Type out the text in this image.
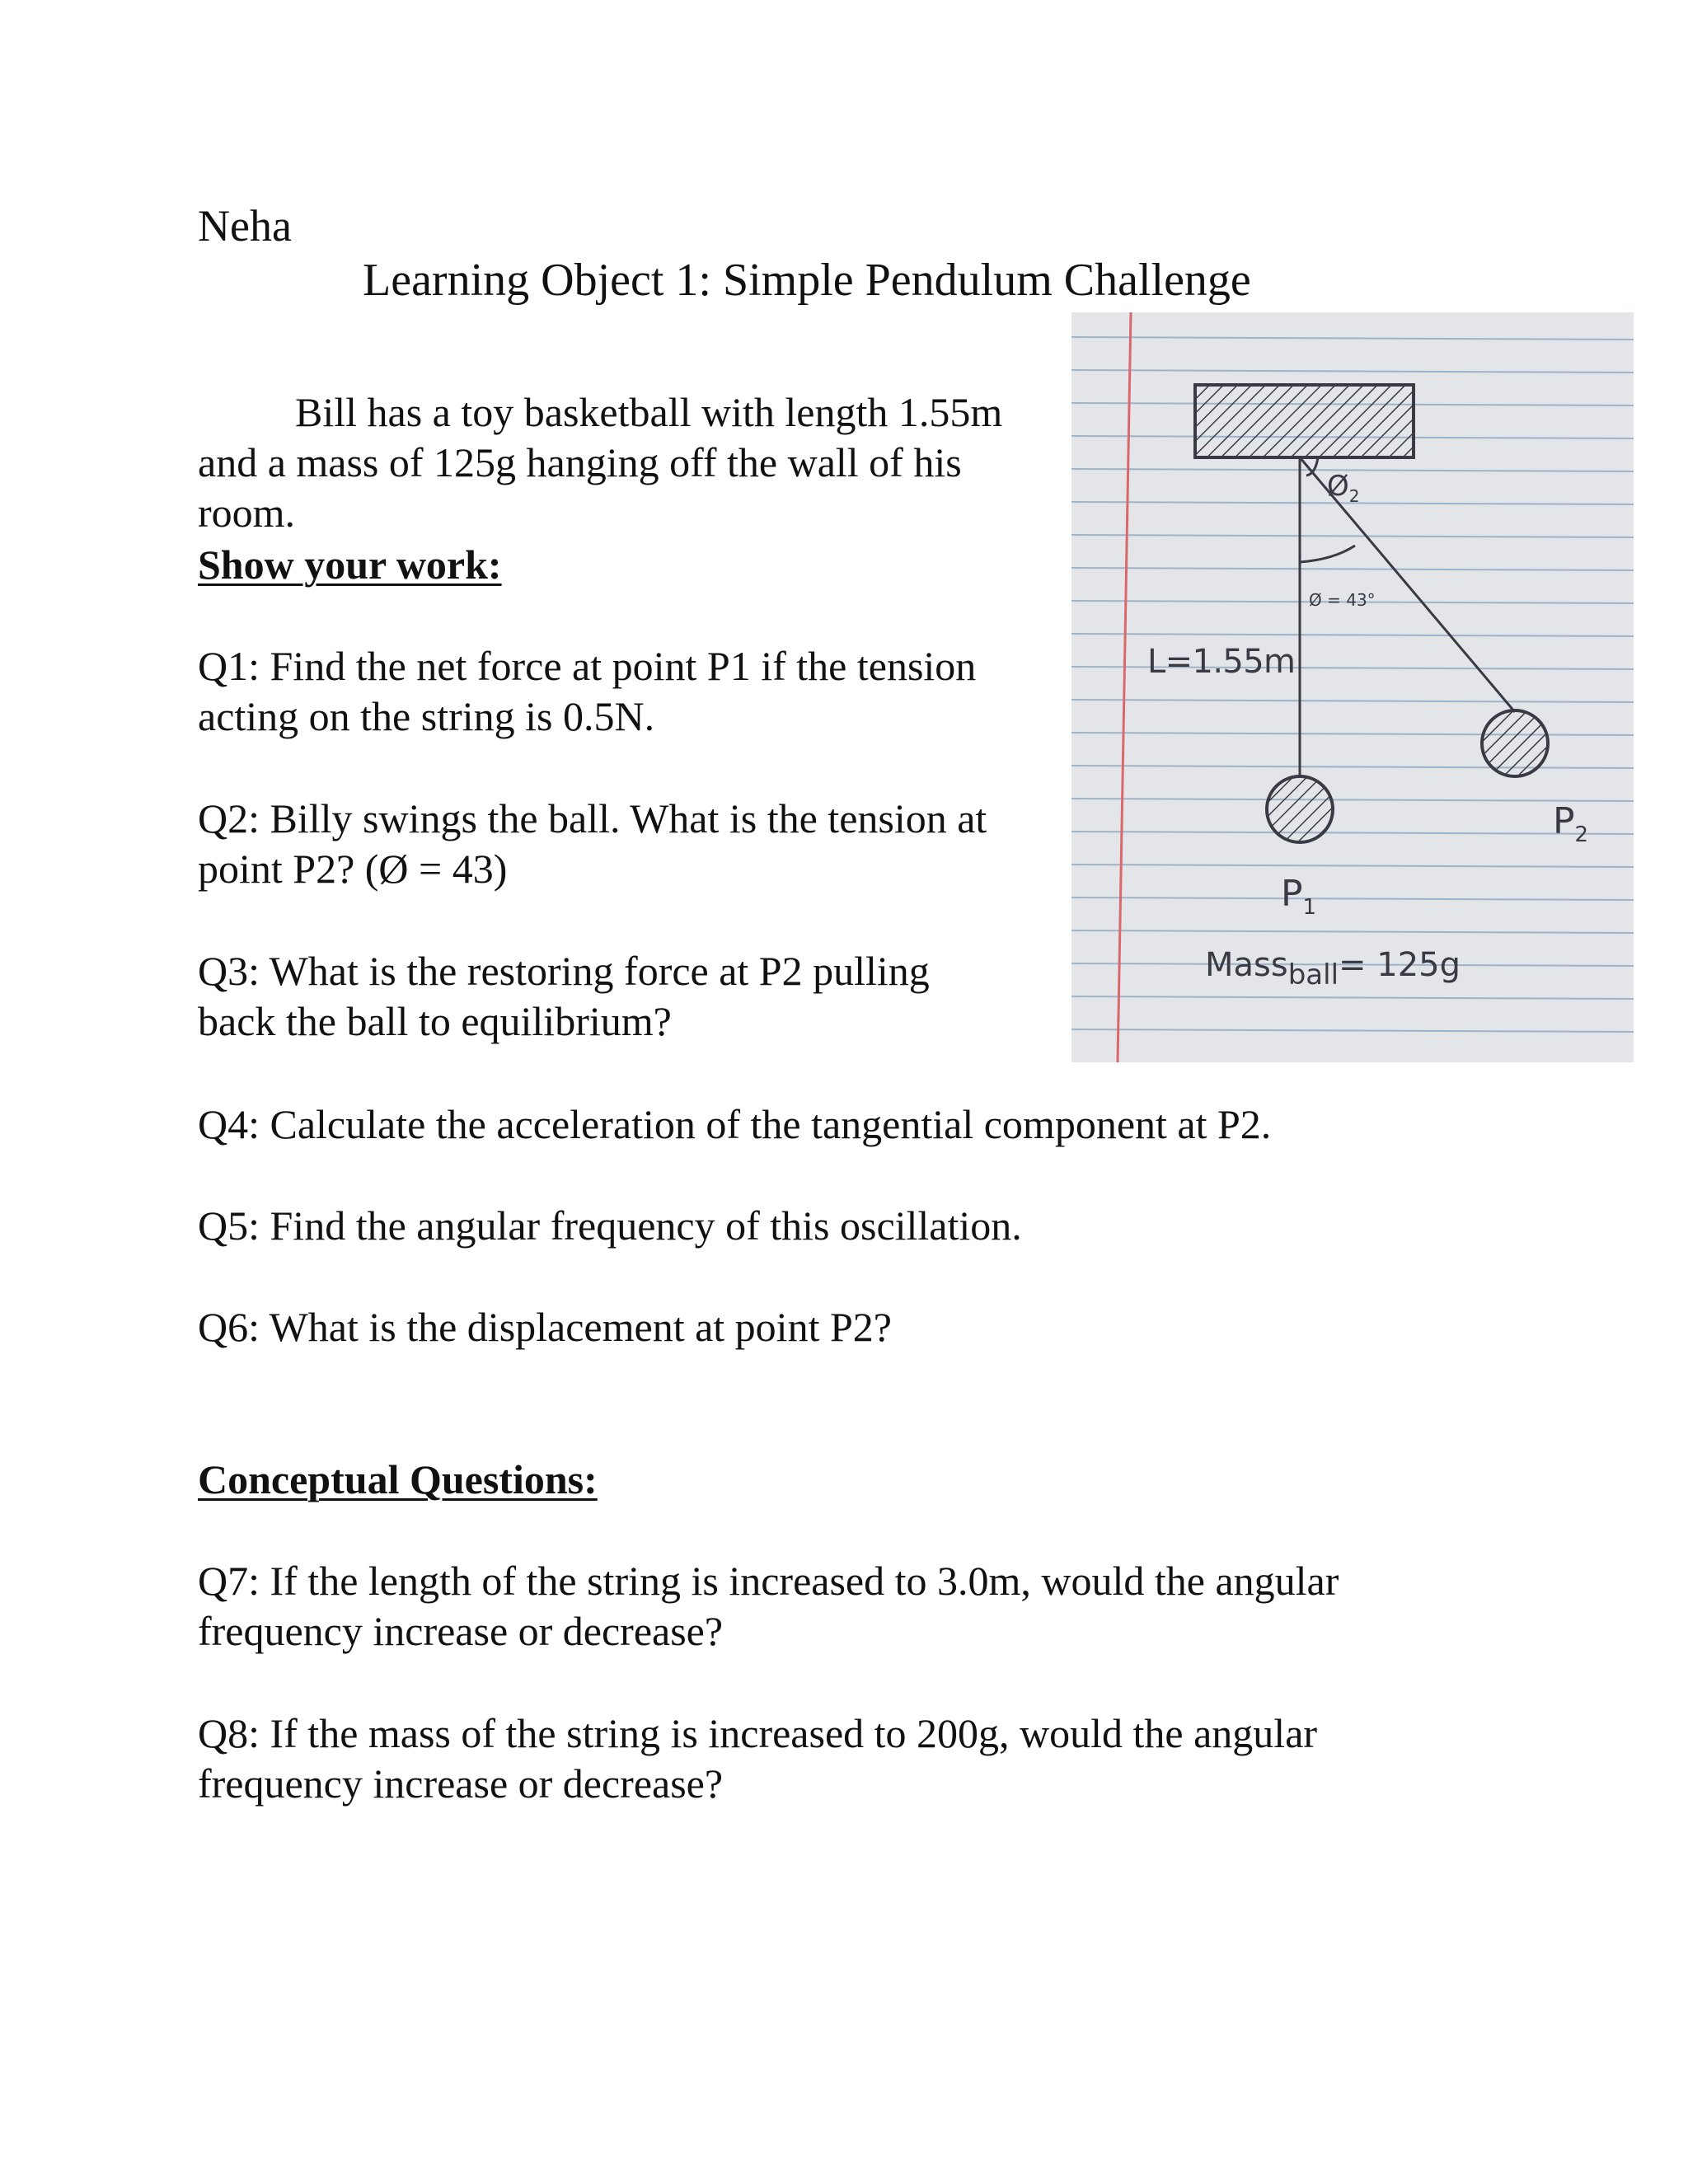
Neha
Learning Object 1: Simple Pendulum Challenge
Bill has a toy basketball with length 1.55m
and a mass of 125g hanging off the wall of his
room.
Show your work:
Q1: Find the net force at point P1 if the tension
acting on the string is 0.5N.
Q2: Billy swings the ball. What is the tension at
point P2? (Ø = 43)
Q3: What is the restoring force at P2 pulling
back the ball to equilibrium?
Q4: Calculate the acceleration of the tangential component at P2.
Q5: Find the angular frequency of this oscillation.
Q6: What is the displacement at point P2?
Conceptual Questions:
Q7: If the length of the string is increased to 3.0m, would the angular
frequency increase or decrease?
Q8: If the mass of the string is increased to 200g, would the angular
frequency increase or decrease?
$Ø_2$
Ø = 43°
L=1.55m
$P_1$
$P_2$
Mass$_{ball}$= 125g
